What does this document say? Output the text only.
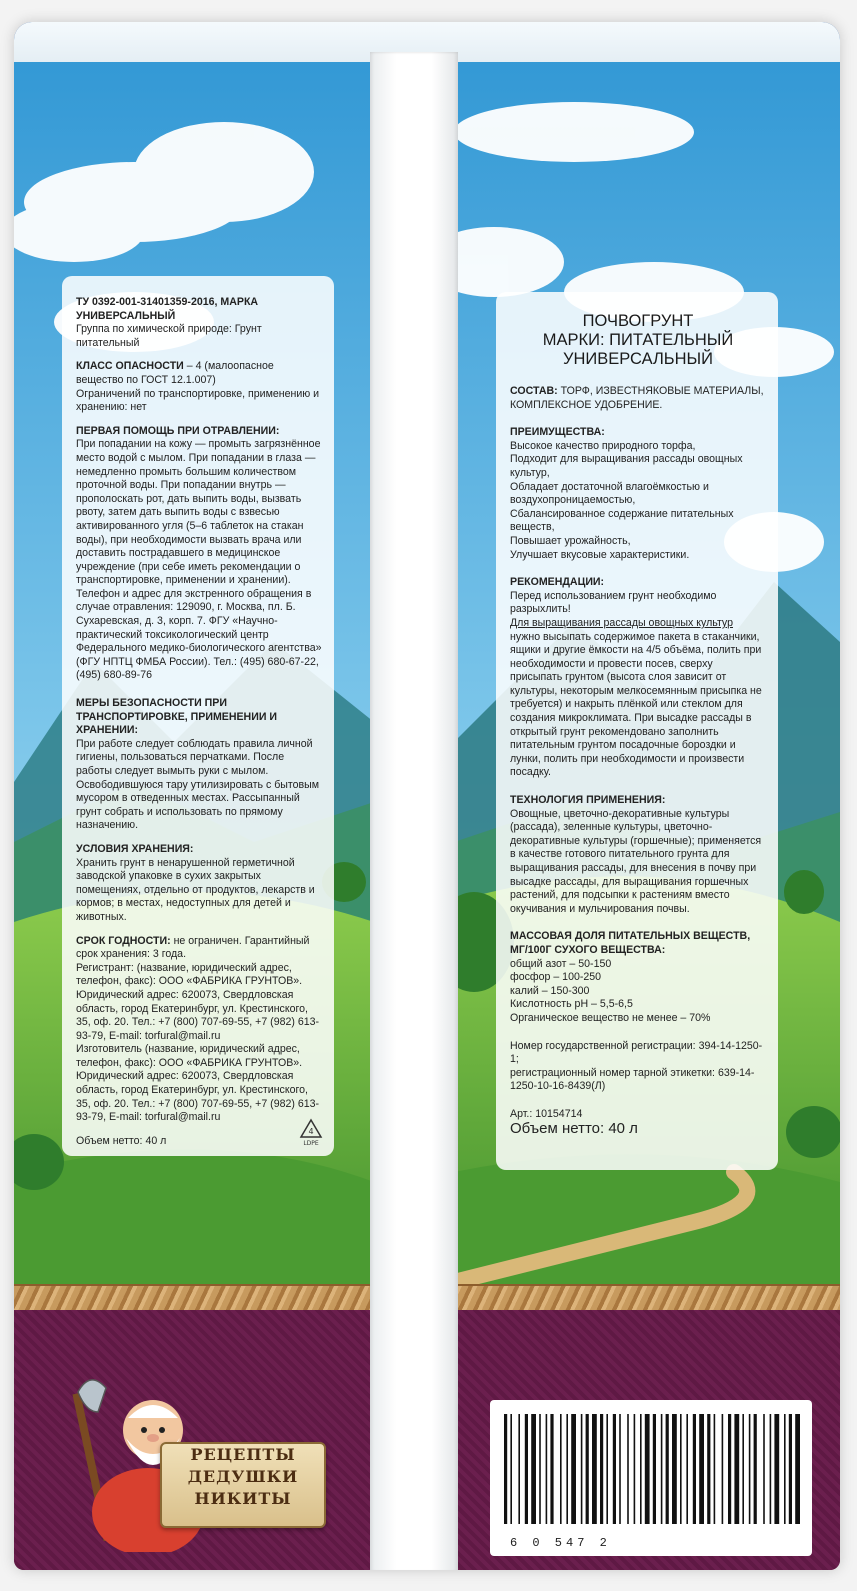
ТУ 0392-001-31401359-2016, МАРКА УНИВЕРСАЛЬНЫЙ

Группа по химической природе: Грунт питательный

КЛАСС ОПАСНОСТИ – 4 (малоопасное вещество по ГОСТ 12.1.007)

Ограничений по транспортировке, применению и хранению: нет

ПЕРВАЯ ПОМОЩЬ ПРИ ОТРАВЛЕНИИ:

При попадании на кожу — промыть загрязнённое место водой с мылом. При попадании в глаза — немедленно промыть большим количеством проточной воды. При попадании внутрь — прополоскать рот, дать выпить воды, вызвать рвоту, затем дать выпить воды с взвесью активированного угля (5–6 таблеток на стакан воды), при необходимости вызвать врача или доставить пострадавшего в медицинское учреждение (при себе иметь рекомендации о транспортировке, применении и хранении).

Телефон и адрес для экстренного обращения в случае отравления: 129090, г. Москва, пл. Б. Сухаревская, д. 3, корп. 7. ФГУ «Научно-практический токсикологический центр Федерального медико-биологического агентства» (ФГУ НПТЦ ФМБА России). Тел.: (495) 680-67-22, (495) 680-89-76

МЕРЫ БЕЗОПАСНОСТИ ПРИ ТРАНСПОРТИРОВКЕ, ПРИМЕНЕНИИ И ХРАНЕНИИ:

При работе следует соблюдать правила личной гигиены, пользоваться перчатками. После работы следует вымыть руки с мылом. Освободившуюся тару утилизировать с бытовым мусором в отведенных местах. Рассыпанный грунт собрать и использовать по прямому назначению.

УСЛОВИЯ ХРАНЕНИЯ:

Хранить грунт в ненарушенной герметичной заводской упаковке в сухих закрытых помещениях, отдельно от продуктов, лекарств и кормов; в местах, недоступных для детей и животных.

СРОК ГОДНОСТИ: не ограничен. Гарантийный срок хранения: 3 года.

Регистрант: (название, юридический адрес, телефон, факс): ООО «ФАБРИКА ГРУНТОВ». Юридический адрес: 620073, Свердловская область, город Екатеринбург, ул. Крестинского, 35, оф. 20. Тел.: +7 (800) 707-69-55, +7 (982) 613-93-79, E-mail: torfural@mail.ru

Изготовитель (название, юридический адрес, телефон, факс): ООО «ФАБРИКА ГРУНТОВ». Юридический адрес: 620073, Свердловская область, город Екатеринбург, ул. Крестинского, 35, оф. 20. Тел.: +7 (800) 707-69-55, +7 (982) 613-93-79, E-mail: torfural@mail.ru

Объем нетто: 40 л

4
LDPE
ПОЧВОГРУНТ
МАРКИ: ПИТАТЕЛЬНЫЙ
УНИВЕРСАЛЬНЫЙ

СОСТАВ: ТОРФ, ИЗВЕСТНЯКОВЫЕ МАТЕРИАЛЫ, КОМПЛЕКСНОЕ УДОБРЕНИЕ.

ПРЕИМУЩЕСТВА:

Высокое качество природного торфа,

Подходит для выращивания рассады овощных культур,

Обладает достаточной влагоёмкостью и воздухопроницаемостью,

Сбалансированное содержание питательных веществ,

Повышает урожайность,

Улучшает вкусовые характеристики.

РЕКОМЕНДАЦИИ:

Перед использованием грунт необходимо разрыхлить!

Для выращивания рассады овощных культур нужно высыпать содержимое пакета в стаканчики, ящики и другие ёмкости на 4/5 объёма, полить при необходимости и провести посев, сверху присыпать грунтом (высота слоя зависит от культуры, некоторым мелкосемянным присыпка не требуется) и накрыть плёнкой или стеклом для создания микроклимата. При высадке рассады в открытый грунт рекомендовано заполнить питательным грунтом посадочные бороздки и лунки, полить при необходимости и произвести посадку.

ТЕХНОЛОГИЯ ПРИМЕНЕНИЯ:

Овощные, цветочно-декоративные культуры (рассада), зеленные культуры, цветочно-декоративные культуры (горшечные); применяется в качестве готового питательного грунта для выращивания рассады, для внесения в почву при высадке рассады, для выращивания горшечных растений, для подсыпки к растениям вместо окучивания и мульчирования почвы.

МАССОВАЯ ДОЛЯ ПИТАТЕЛЬНЫХ ВЕЩЕСТВ, МГ/100Г СУХОГО ВЕЩЕСТВА:

общий азот – 50-150

фосфор – 100-250

калий – 150-300

Кислотность pH – 5,5-6,5

Органическое вещество не менее – 70%

Номер государственной регистрации: 394-14-1250-1;

регистрационный номер тарной этикетки: 639-14-1250-10-16-8439(Л)

Арт.: 10154714

Объем нетто: 40 л

РЕЦЕПТЫ
ДЕДУШКИ
НИКИТЫ
6 0 547 2
